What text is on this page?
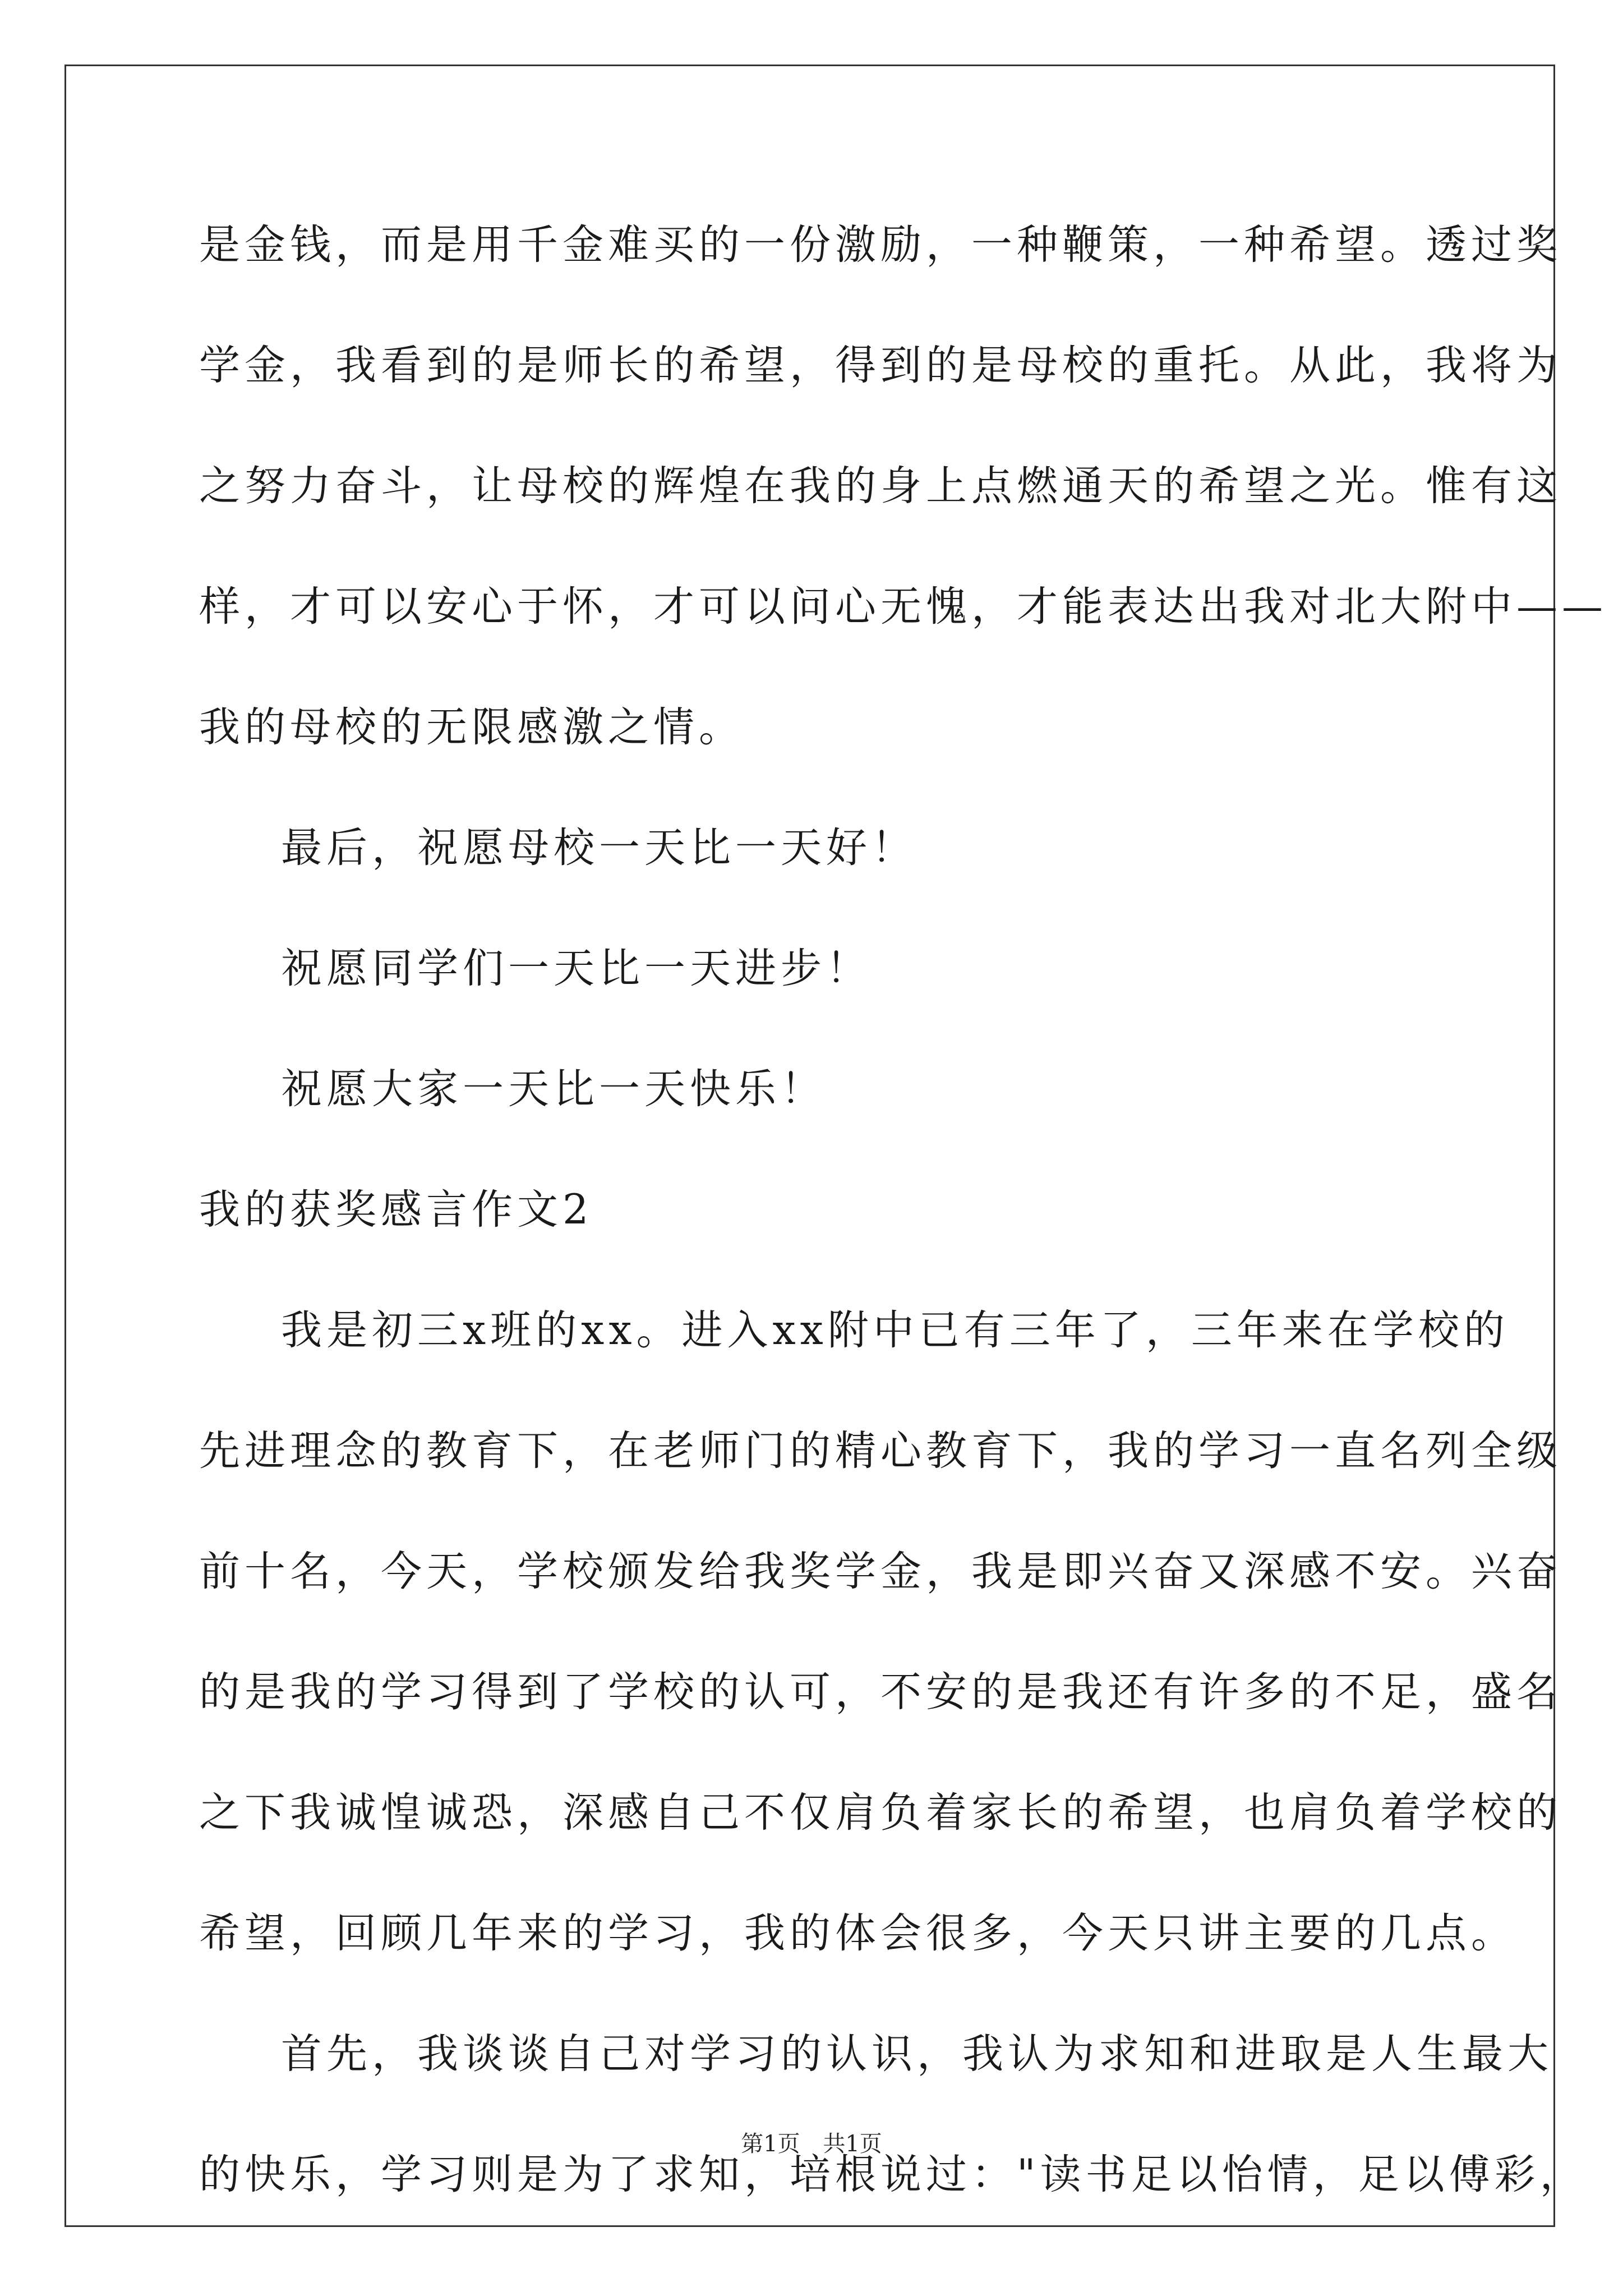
是金钱，而是用千金难买的一份激励，一种鞭策，一种希望。透过奖
学金，我看到的是师长的希望，得到的是母校的重托。从此，我将为
之努力奋斗，让母校的辉煌在我的身上点燃通天的希望之光。惟有这
样，才可以安心于怀，才可以问心无愧，才能表达出我对北大附中——
我的母校的无限感激之情。
最后，祝愿母校一天比一天好！
祝愿同学们一天比一天进步！
祝愿大家一天比一天快乐！
我的获奖感言作文2
我是初三x班的xx。进入xx附中已有三年了，三年来在学校的
先进理念的教育下，在老师门的精心教育下，我的学习一直名列全级
前十名，今天，学校颁发给我奖学金，我是即兴奋又深感不安。兴奋
的是我的学习得到了学校的认可，不安的是我还有许多的不足，盛名
之下我诚惶诚恐，深感自己不仅肩负着家长的希望，也肩负着学校的
希望，回顾几年来的学习，我的体会很多，今天只讲主要的几点。
首先，我谈谈自己对学习的认识，我认为求知和进取是人生最大
的快乐，学习则是为了求知，培根说过："读书足以怡情，足以傅彩，
第1页 共1页
